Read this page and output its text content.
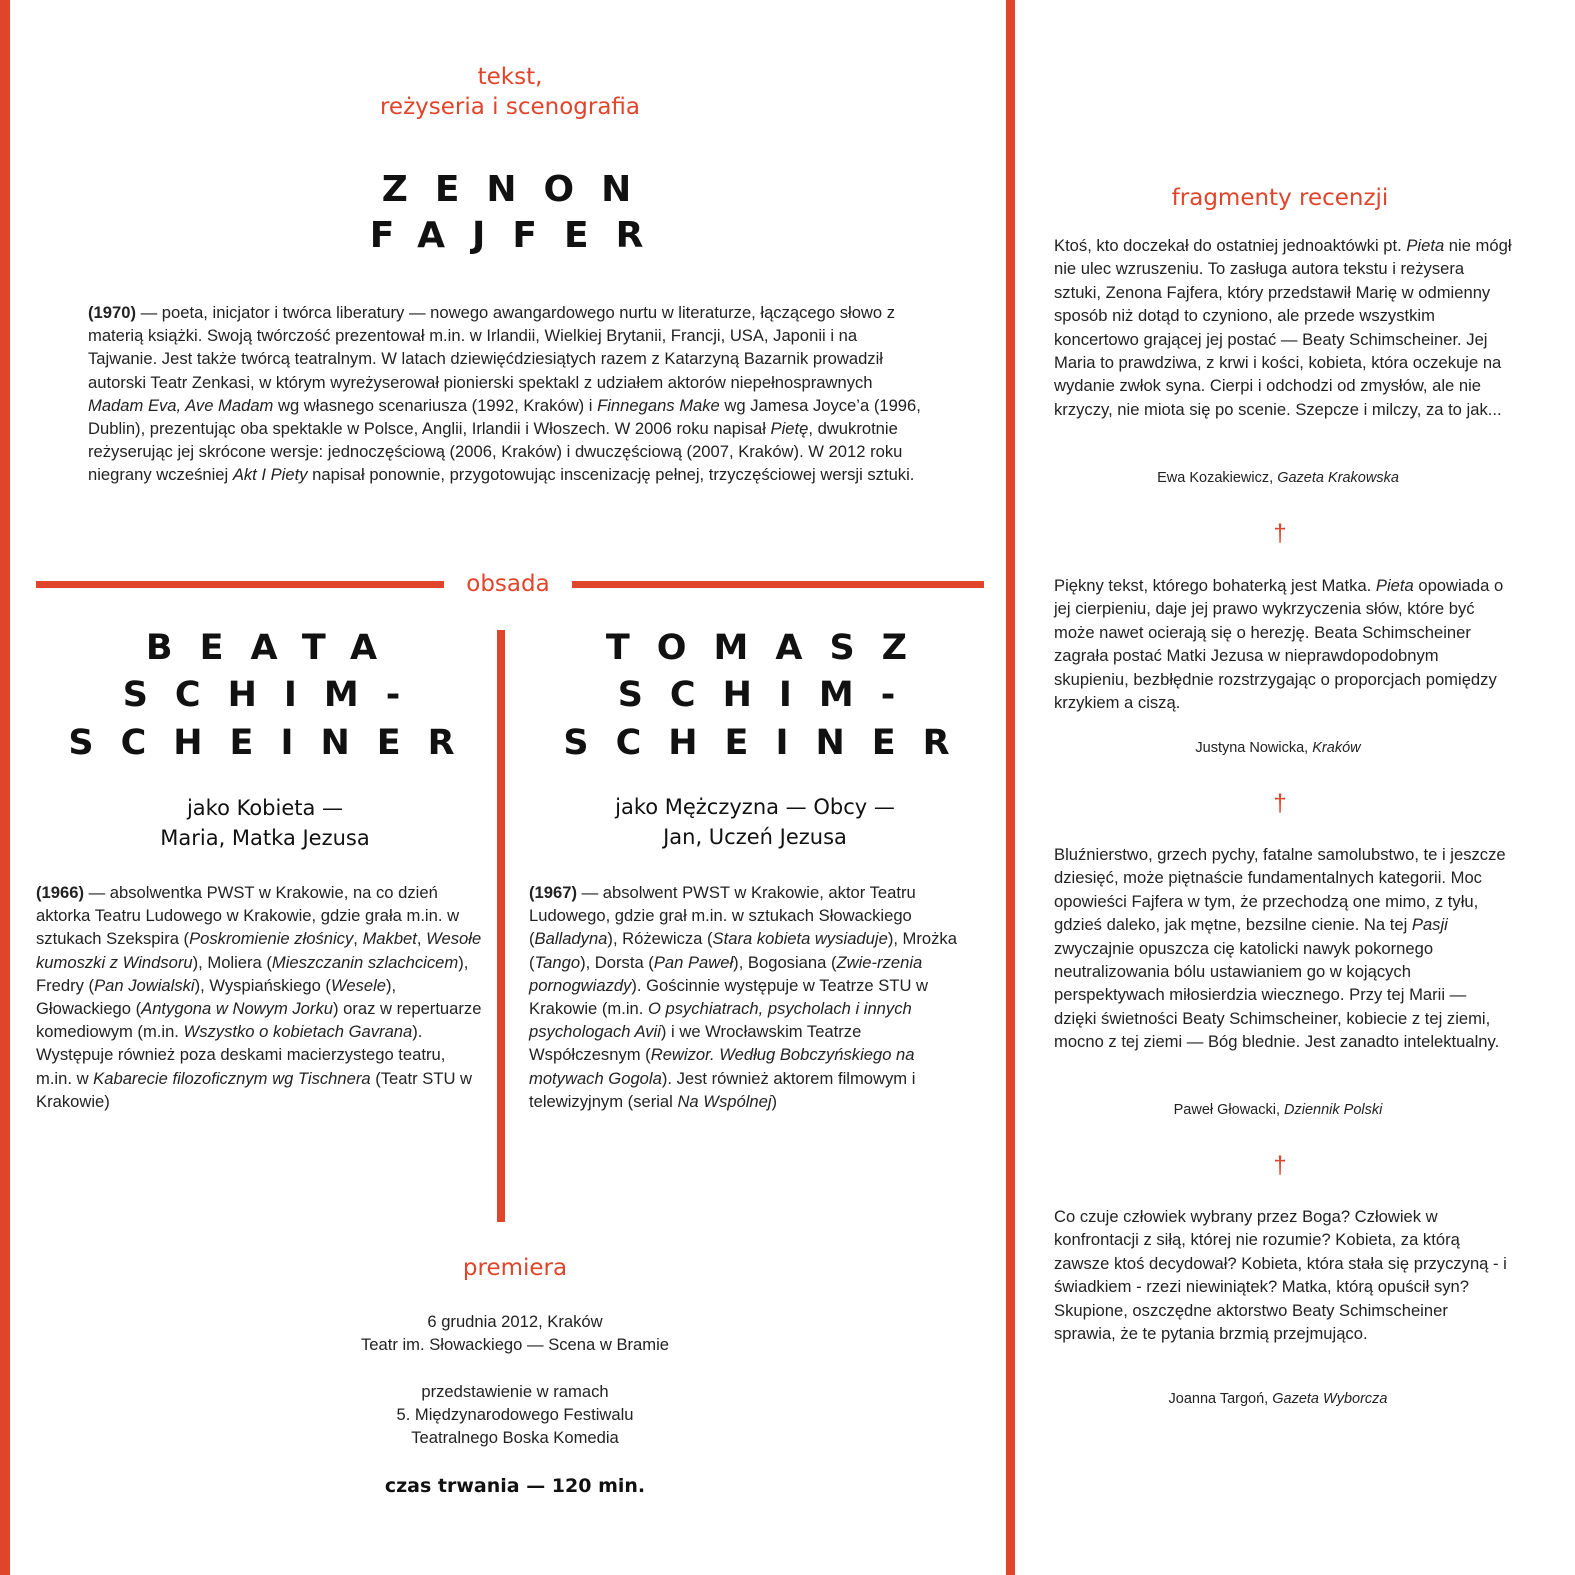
tekst,
reżyseria i scenografia
ZENON
FAJFER
(1970) — poeta, inicjator i twórca liberatury — nowego awangardowego nurtu w literaturze, łączącego słowo z materią książki. Swoją twórczość prezentował m.in. w Irlandii, Wielkiej Brytanii, Francji, USA, Japonii i na Tajwanie. Jest także twórcą teatralnym. W latach dziewięćdziesiątych razem z Katarzyną Bazarnik prowadził autorski Teatr Zenkasi, w którym wyreżyserował pionierski spektakl z udziałem aktorów niepełnosprawnych Madam Eva, Ave Madam wg własnego scenariusza (1992, Kraków) i Finnegans Make wg Jamesa Joyce’a (1996, Dublin), prezentując oba spektakle w Polsce, Anglii, Irlandii i Włoszech. W 2006 roku napisał Pietę, dwukrotnie reżyserując jej skrócone wersje: jednoczęściową (2006, Kraków) i dwuczęściową (2007, Kraków). W 2012 roku niegrany wcześniej Akt I Piety napisał ponownie, przygotowując inscenizację pełnej, trzyczęściowej wersji sztuki.
obsada
BEATA
SCHIM-
SCHEINER
jako Kobieta —
Maria, Matka Jezusa
(1966) — absolwentka PWST w Krakowie, na co dzień aktorka Teatru Ludowego w Krakowie, gdzie grała m.in. w sztukach Szekspira (Poskromienie złośnicy, Makbet, Wesołe kumoszki z Windsoru), Moliera (Mieszczanin szlachcicem), Fredry (Pan Jowialski), Wyspiańskiego (Wesele), Głowackiego (Antygona w Nowym Jorku) oraz w repertuarze komediowym (m.in. Wszystko o kobietach Gavrana). Występuje również poza deskami macierzystego teatru, m.in. w Kabarecie filozoficznym wg Tischnera (Teatr STU w Krakowie)
TOMASZ
SCHIM-
SCHEINER
jako Mężczyzna — Obcy —
Jan, Uczeń Jezusa
(1967) — absolwent PWST w Krakowie, aktor Teatru Ludowego, gdzie grał m.in. w sztukach Słowackiego (Balladyna), Różewicza (Stara kobieta wysiaduje), Mrożka (Tango), Dorsta (Pan Paweł), Bogosiana (Zwie-rzenia pornogwiazdy). Gościnnie występuje w Teatrze STU w Krakowie (m.in. O psychiatrach, psycholach i innych psychologach Avii) i we Wrocławskim Teatrze Współczesnym (Rewizor. Według Bobczyńskiego na motywach Gogola). Jest również aktorem filmowym i telewizyjnym (serial Na Wspólnej)
premiera
6 grudnia 2012, Kraków
Teatr im. Słowackiego — Scena w Bramie
przedstawienie w ramach
5. Międzynarodowego Festiwalu
Teatralnego Boska Komedia
czas trwania — 120 min.
fragmenty recenzji
Ktoś, kto doczekał do ostatniej jednoaktówki pt. Pieta nie mógł nie ulec wzruszeniu. To zasługa autora tekstu i reżysera sztuki, Zenona Fajfera, który przedstawił Marię w odmienny sposób niż dotąd to czyniono, ale przede wszystkim koncertowo grającej jej postać — Beaty Schimscheiner. Jej Maria to prawdziwa, z krwi i kości, kobieta, która oczekuje na wydanie zwłok syna. Cierpi i odchodzi od zmysłów, ale nie krzyczy, nie miota się po scenie. Szepcze i milczy, za to jak...
Ewa Kozakiewicz, Gazeta Krakowska
†
Piękny tekst, którego bohaterką jest Matka. Pieta opowiada o jej cierpieniu, daje jej prawo wykrzyczenia słów, które być może nawet ocierają się o herezję. Beata Schimscheiner zagrała postać Matki Jezusa w nieprawdopodobnym skupieniu, bezbłędnie rozstrzygając o proporcjach pomiędzy krzykiem a ciszą.
Justyna Nowicka, Kraków
†
Bluźnierstwo, grzech pychy, fatalne samolubstwo, te i jeszcze dziesięć, może piętnaście fundamentalnych kategorii. Moc opowieści Fajfera w tym, że przechodzą one mimo, z tyłu, gdzieś daleko, jak mętne, bezsilne cienie. Na tej Pasji zwyczajnie opuszcza cię katolicki nawyk pokornego neutralizowania bólu ustawianiem go w kojących perspektywach miłosierdzia wiecznego. Przy tej Marii — dzięki świetności Beaty Schimscheiner, kobiecie z tej ziemi, mocno z tej ziemi — Bóg blednie. Jest zanadto intelektualny.
Paweł Głowacki, Dziennik Polski
†
Co czuje człowiek wybrany przez Boga? Człowiek w konfrontacji z siłą, której nie rozumie? Kobieta, za którą zawsze ktoś decydował? Kobieta, która stała się przyczyną - i świadkiem - rzezi niewiniątek? Matka, którą opuścił syn? Skupione, oszczędne aktorstwo Beaty Schimscheiner sprawia, że te pytania brzmią przejmująco.
Joanna Targoń, Gazeta Wyborcza
